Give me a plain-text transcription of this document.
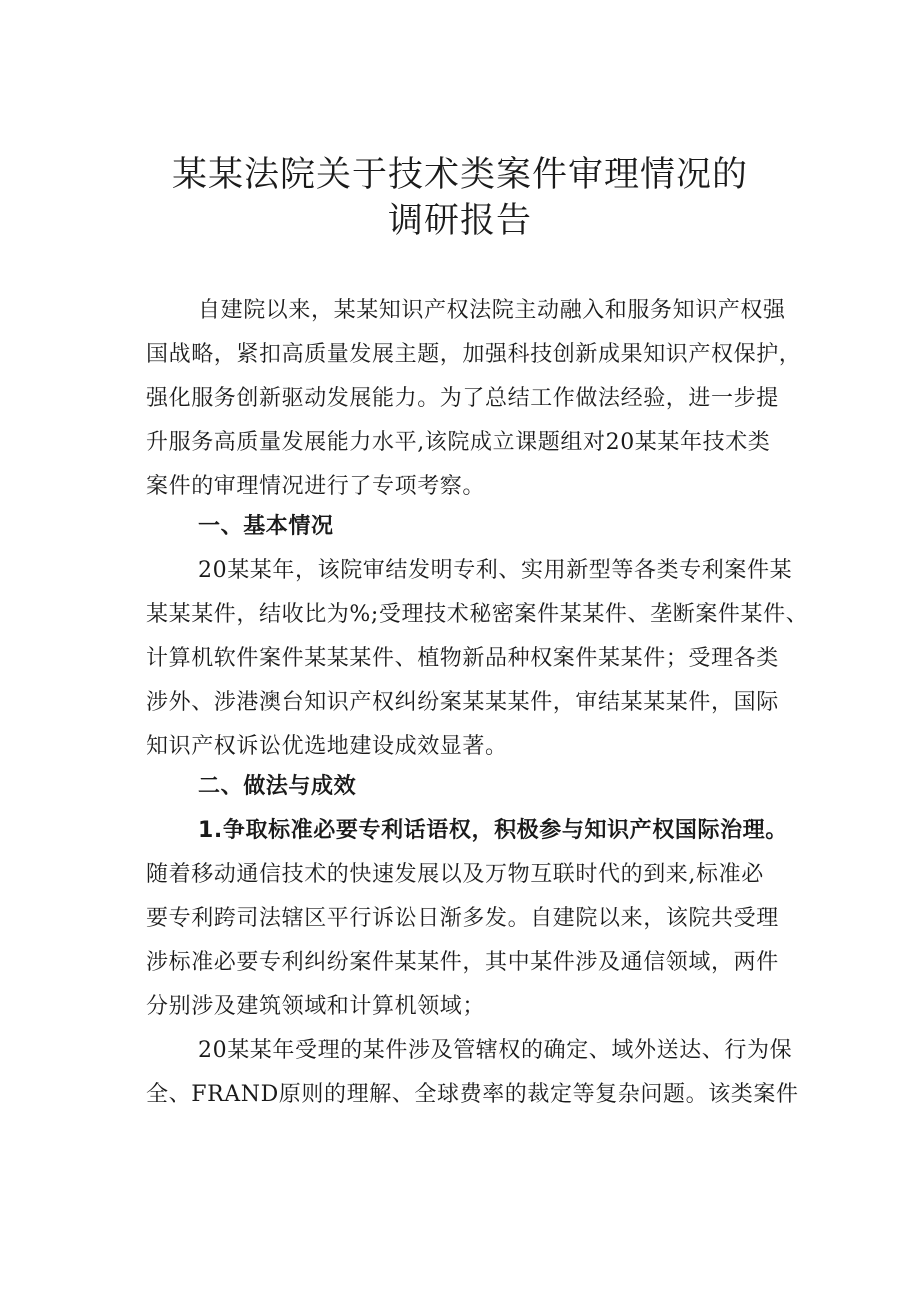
某某法院关于技术类案件审理情况的
调研报告
自建院以来，某某知识产权法院主动融入和服务知识产权强
国战略，紧扣高质量发展主题，加强科技创新成果知识产权保护，
强化服务创新驱动发展能力。为了总结工作做法经验，进一步提
升服务高质量发展能力水平,该院成立课题组对20某某年技术类
案件的审理情况进行了专项考察。
一、基本情况
20某某年，该院审结发明专利、实用新型等各类专利案件某
某某某件，结收比为%;受理技术秘密案件某某件、垄断案件某件、
计算机软件案件某某某件、植物新品种权案件某某件；受理各类
涉外、涉港澳台知识产权纠纷案某某某件，审结某某某件，国际
知识产权诉讼优选地建设成效显著。
二、做法与成效
1.争取标准必要专利话语权，积极参与知识产权国际治理。
随着移动通信技术的快速发展以及万物互联时代的到来,标准必
要专利跨司法辖区平行诉讼日渐多发。自建院以来，该院共受理
涉标准必要专利纠纷案件某某件，其中某件涉及通信领域，两件
分别涉及建筑领域和计算机领域；
20某某年受理的某件涉及管辖权的确定、域外送达、行为保
全、FRAND原则的理解、全球费率的裁定等复杂问题。该类案件
